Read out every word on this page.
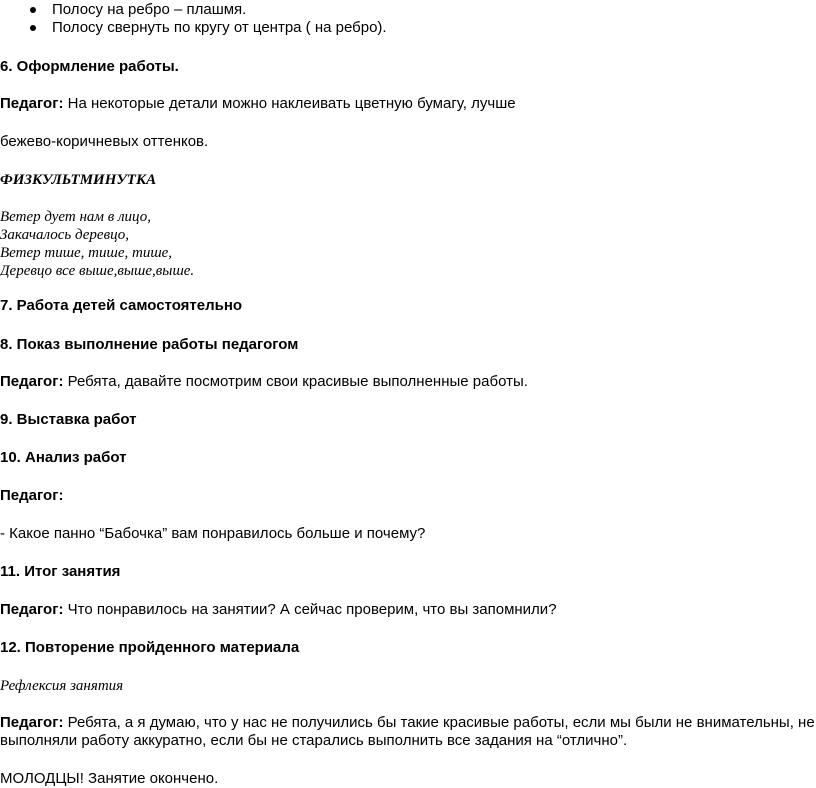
Полосу на ребро – плашмя.
Полосу свернуть по кругу от центра ( на ребро).
6. Оформление работы.
Педагог: На некоторые детали можно наклеивать цветную бумагу, лучше
бежево-коричневых оттенков.
ФИЗКУЛЬТМИНУТКА
Ветер дует нам в лицо,
Закачалось деревцо,
Ветер тише, тише, тише,
Деревцо все выше,выше,выше.
7. Работа детей самостоятельно
8. Показ выполнение работы педагогом
Педагог: Ребята, давайте посмотрим свои красивые выполненные работы.
9. Выставка работ
10. Анализ работ
Педагог:
- Какое панно “Бабочка” вам понравилось больше и почему?
11. Итог занятия
Педагог: Что понравилось на занятии? А сейчас проверим, что вы запомнили?
12. Повторение пройденного материала
Рефлексия занятия
Педагог: Ребята, а я думаю, что у нас не получились бы такие красивые работы, если мы были не внимательны, не
выполняли работу аккуратно, если бы не старались выполнить все задания на “отлично”.
МОЛОДЦЫ! Занятие окончено.
